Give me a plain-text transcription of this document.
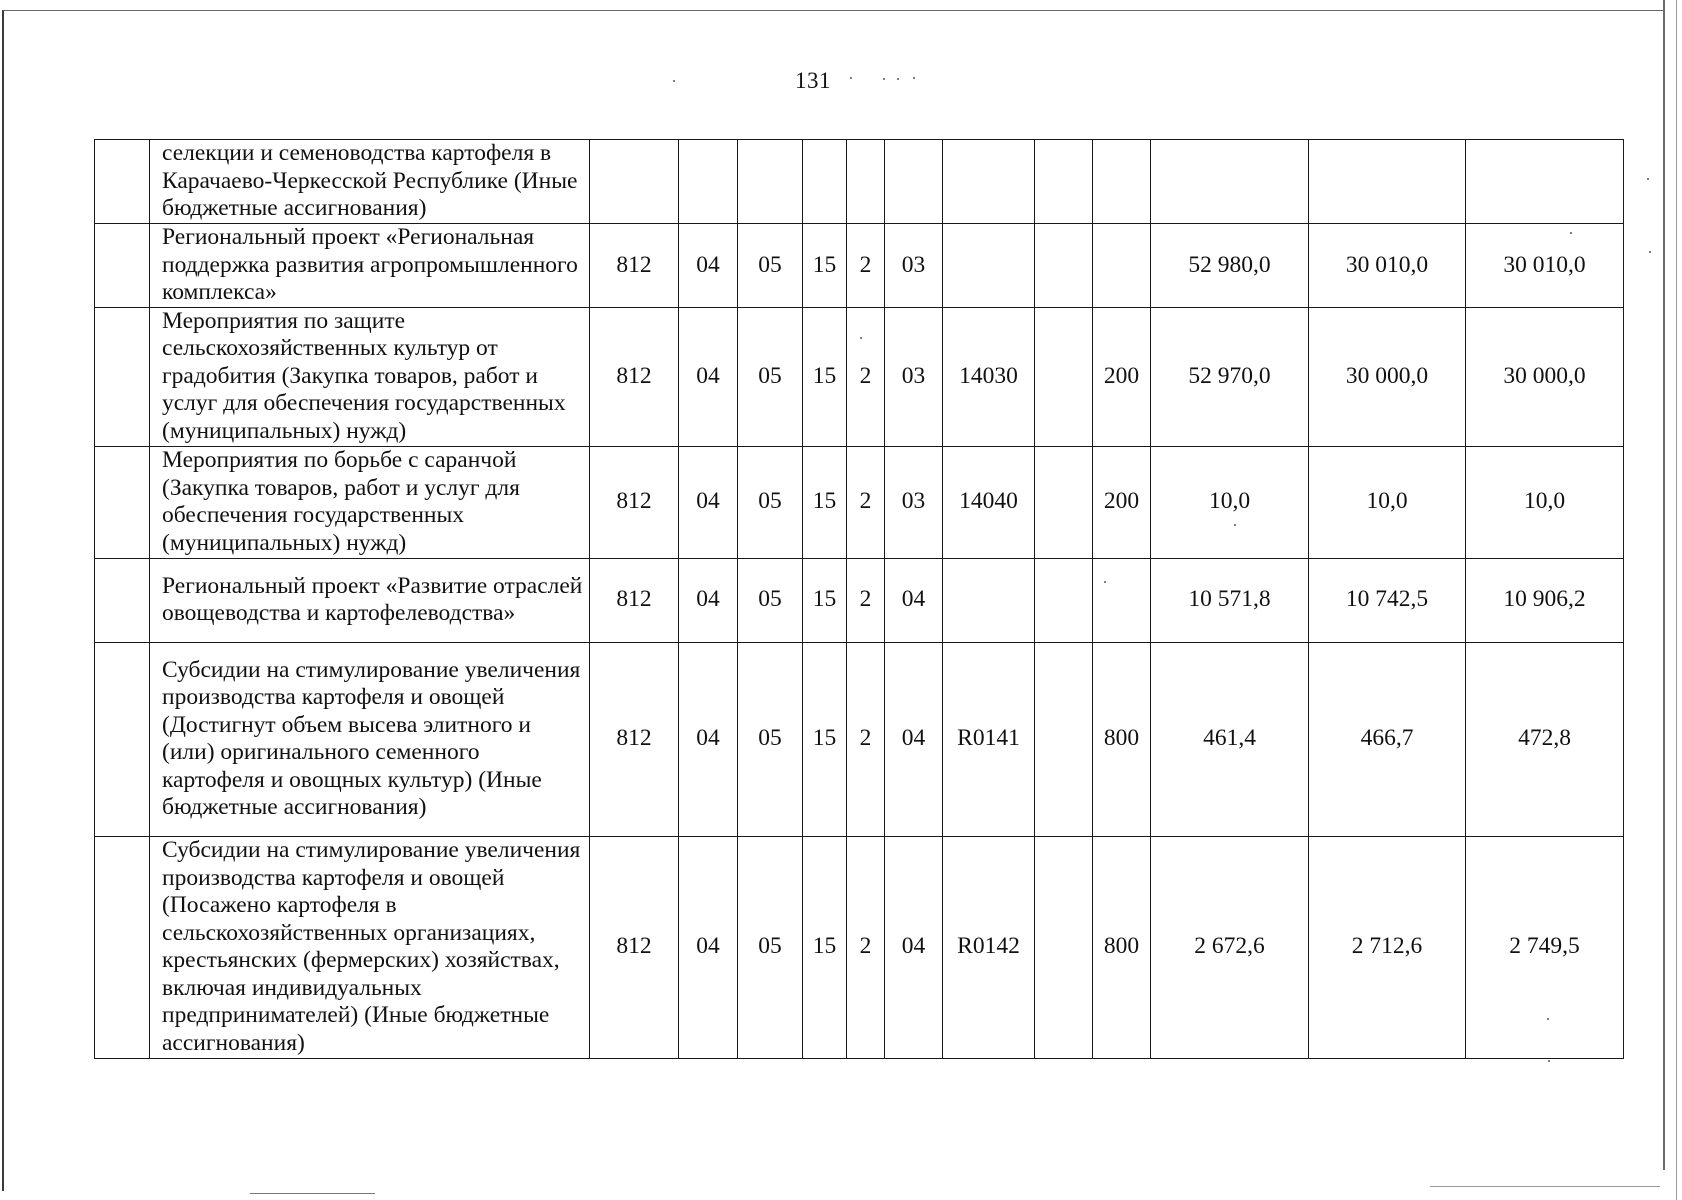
131
	селекции и семеноводства картофеля в Карачаево-Черкесской Республике (Иные бюджетные ассигнования)												
	Региональный проект «Региональная поддержка развития агропромышленного комплекса»	812	04	05	15	2	03				52 980,0	30 010,0	30 010,0
	Мероприятия по защите сельскохозяйственных культур от градобития (Закупка товаров, работ и услуг для обеспечения государственных (муниципальных) нужд)	812	04	05	15	2	03	14030		200	52 970,0	30 000,0	30 000,0
	Мероприятия по борьбе с саранчой (Закупка товаров, работ и услуг для обеспечения государственных (муниципальных) нужд)	812	04	05	15	2	03	14040		200	10,0	10,0	10,0
	Региональный проект «Развитие отраслей овощеводства и картофелеводства»	812	04	05	15	2	04				10 571,8	10 742,5	10 906,2
	Субсидии на стимулирование увеличения производства картофеля и овощей (Достигнут объем высева элитного и (или) оригинального семенного картофеля и овощных культур) (Иные бюджетные ассигнования)	812	04	05	15	2	04	R0141		800	461,4	466,7	472,8
	Субсидии на стимулирование увеличения производства картофеля и овощей (Посажено картофеля в сельскохозяйственных организациях, крестьянских (фермерских) хозяйствах, включая индивидуальных предпринимателей) (Иные бюджетные ассигнования)	812	04	05	15	2	04	R0142		800	2 672,6	2 712,6	2 749,5
